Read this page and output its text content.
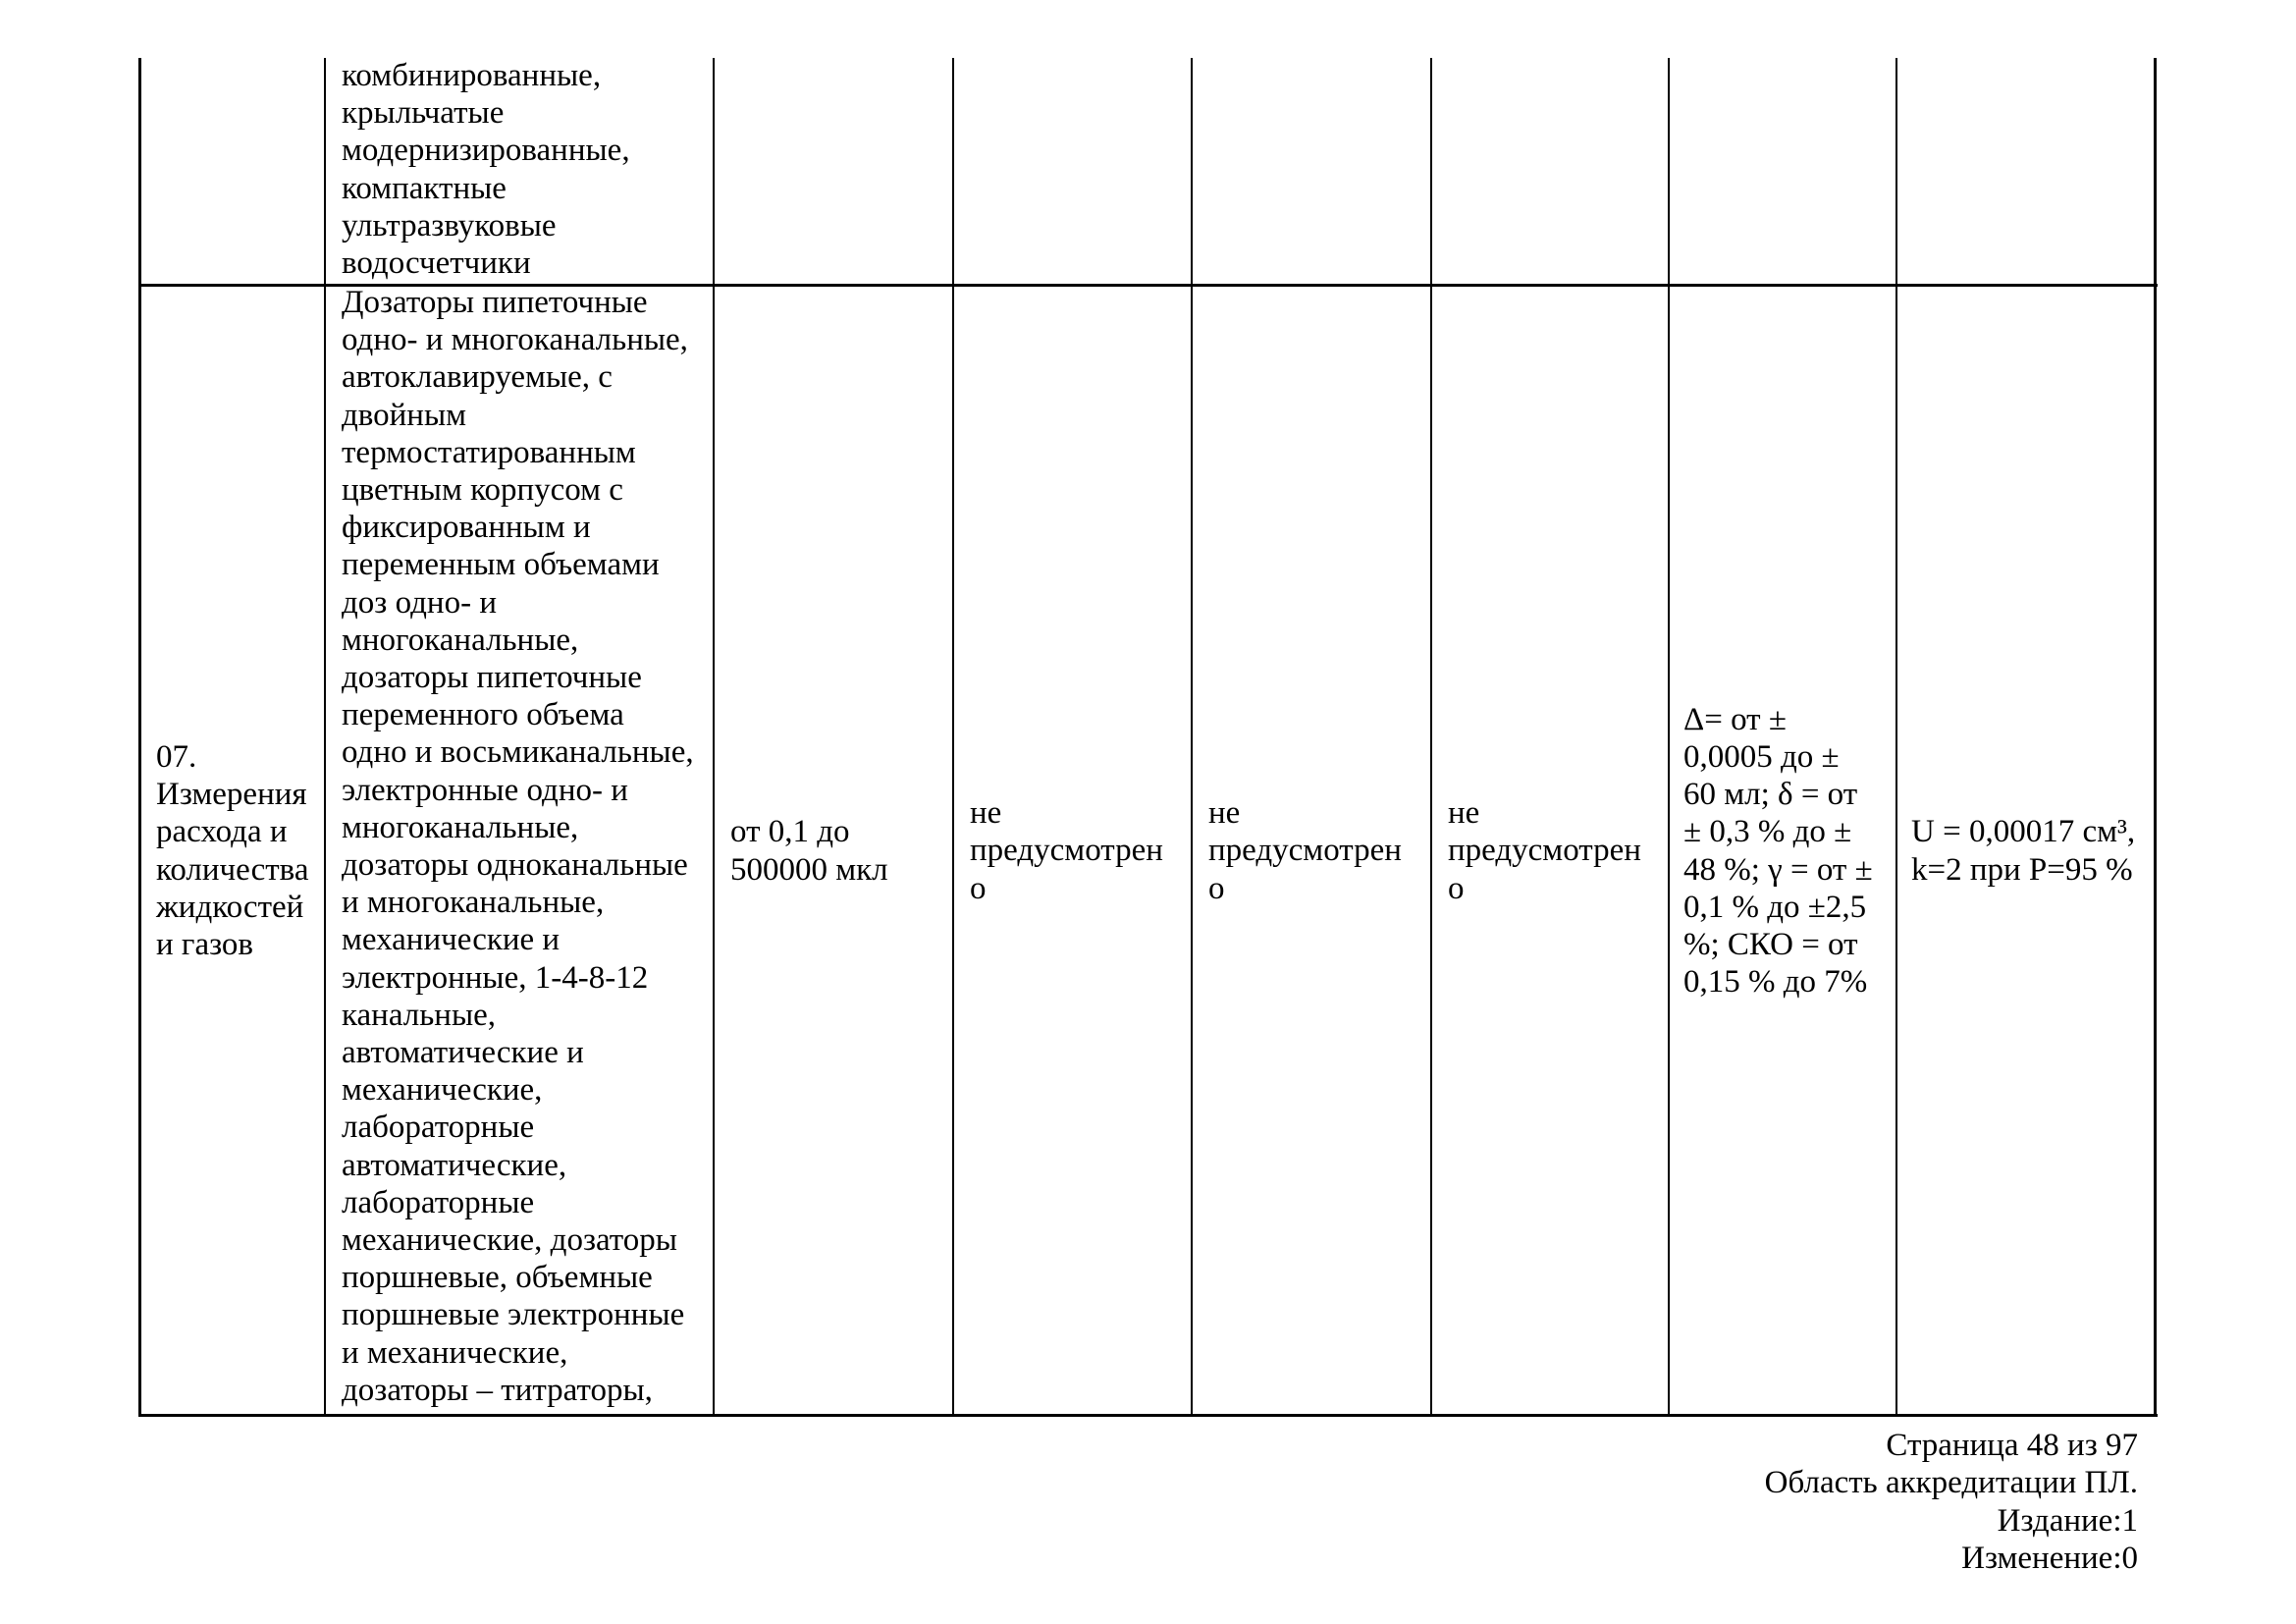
комбинированные,
крыльчатые
модернизированные,
компактные
ультразвуковые
водосчетчики
07.
Измерения
расхода и
количества
жидкостей
и газов
Дозаторы пипеточные
одно- и многоканальные,
автоклавируемые, с
двойным
термостатированным
цветным корпусом с
фиксированным и
переменным объемами
доз одно- и
многоканальные,
дозаторы пипеточные
переменного объема
одно и восьмиканальные,
электронные одно- и
многоканальные,
дозаторы одноканальные
и многоканальные,
механические и
электронные, 1-4-8-12
канальные,
автоматические и
механические,
лабораторные
автоматические,
лабораторные
механические, дозаторы
поршневые, объемные
поршневые электронные
и механические,
дозаторы – титраторы,
от 0,1 до
500000 мкл
не
предусмотрен
о
не
предусмотрен
о
не
предусмотрен
о
Δ= от ±
0,0005 до ±
60 мл; δ = от
± 0,3 % до ±
48 %; γ = от ±
0,1 % до ±2,5
%; СКО = от
0,15 % до 7%
U = 0,00017 см³,
k=2 при P=95 %
Страница 48 из 97
Область аккредитации ПЛ.
Издание:1
Изменение:0
